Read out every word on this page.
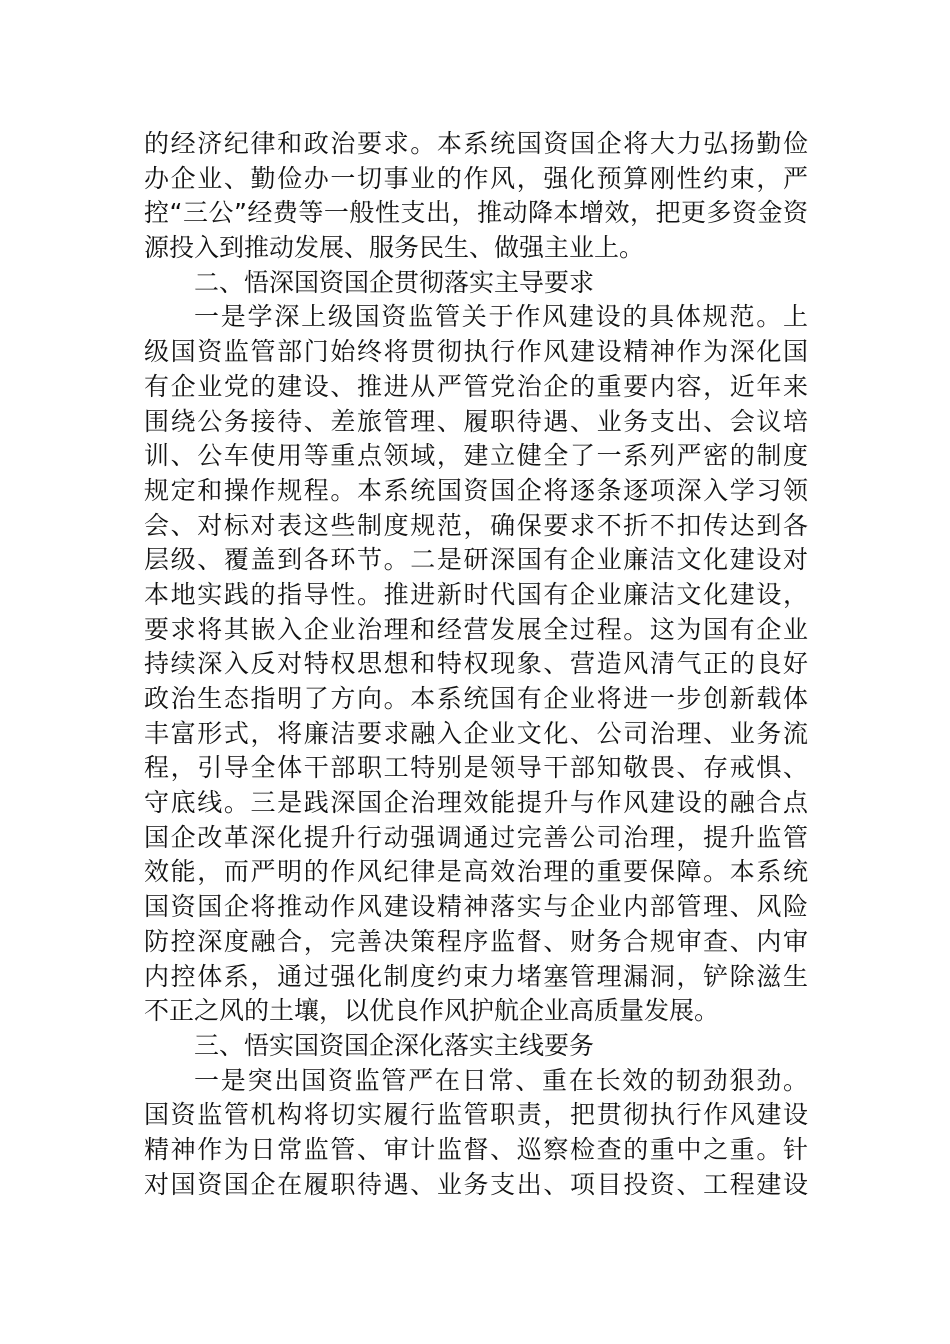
的经济纪律和政治要求。本系统国资国企将大力弘扬勤俭
办企业、勤俭办一切事业的作风，强化预算刚性约束，严
控“三公”经费等一般性支出，推动降本增效，把更多资金资
源投入到推动发展、服务民生、做强主业上。
二、悟深国资国企贯彻落实主导要求
一是学深上级国资监管关于作风建设的具体规范。上
级国资监管部门始终将贯彻执行作风建设精神作为深化国
有企业党的建设、推进从严管党治企的重要内容，近年来
围绕公务接待、差旅管理、履职待遇、业务支出、会议培
训、公车使用等重点领域，建立健全了一系列严密的制度
规定和操作规程。本系统国资国企将逐条逐项深入学习领
会、对标对表这些制度规范，确保要求不折不扣传达到各
层级、覆盖到各环节。二是研深国有企业廉洁文化建设对
本地实践的指导性。推进新时代国有企业廉洁文化建设，
要求将其嵌入企业治理和经营发展全过程。这为国有企业
持续深入反对特权思想和特权现象、营造风清气正的良好
政治生态指明了方向。本系统国有企业将进一步创新载体
丰富形式，将廉洁要求融入企业文化、公司治理、业务流
程，引导全体干部职工特别是领导干部知敬畏、存戒惧、
守底线。三是践深国企治理效能提升与作风建设的融合点
国企改革深化提升行动强调通过完善公司治理，提升监管
效能，而严明的作风纪律是高效治理的重要保障。本系统
国资国企将推动作风建设精神落实与企业内部管理、风险
防控深度融合，完善决策程序监督、财务合规审查、内审
内控体系，通过强化制度约束力堵塞管理漏洞，铲除滋生
不正之风的土壤，以优良作风护航企业高质量发展。
三、悟实国资国企深化落实主线要务
一是突出国资监管严在日常、重在长效的韧劲狠劲。
国资监管机构将切实履行监管职责，把贯彻执行作风建设
精神作为日常监管、审计监督、巡察检查的重中之重。针
对国资国企在履职待遇、业务支出、项目投资、工程建设
